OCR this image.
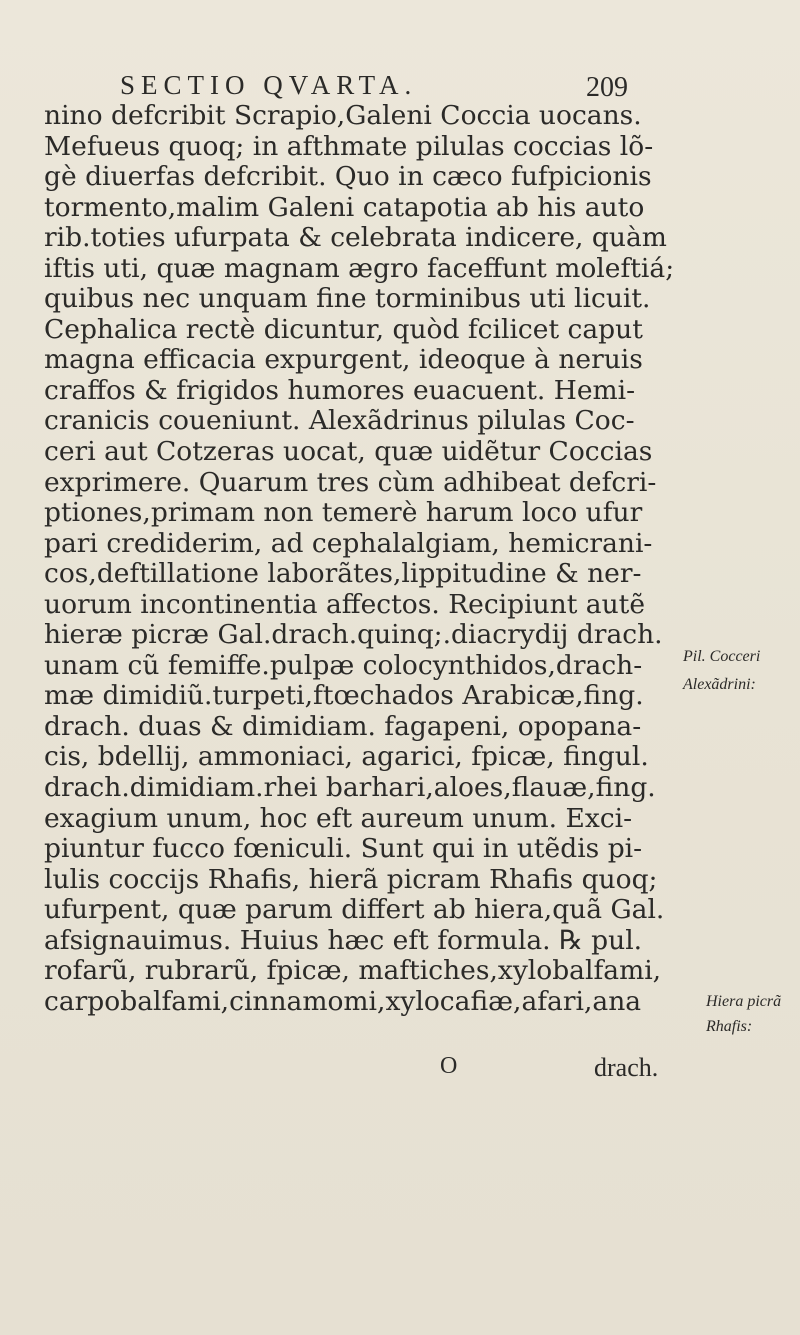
SECTIO QVARTA.	209
nino defcribit Scrapio,Galeni Coccia uocans.
Mefueus quoq; in afthmate pilulas coccias lõ-
gè diuerfas defcribit. Quo in cæco fufpicionis
tormento,malim Galeni catapotia ab his auto
rib.toties ufurpata & celebrata indicere, quàm
iftis uti, quæ magnam ægro faceffunt moleftiá;
quibus nec unquam fine torminibus uti licuit.
Cephalica rectè dicuntur, quòd fcilicet caput
magna efficacia expurgent, ideoque à neruis
craffos & frigidos humores euacuent. Hemi-
cranicis coueniunt. Alexãdrinus pilulas Coc-
ceri aut Cotzeras uocat, quæ uidẽtur Coccias
exprimere. Quarum tres cùm adhibeat defcri-
ptiones,primam non temerè harum loco ufur
pari crediderim, ad cephalalgiam, hemicrani-
cos,deftillatione laborãtes,lippitudine & ner-
uorum incontinentia affectos. Recipiunt autẽ
hieræ picræ Gal.drach.quinq;.diacrydij drach.
unam cũ femiffe.pulpæ colocynthidos,drach-
mæ dimidiũ.turpeti,ftœchados Arabicæ,fing.
drach. duas & dimidiam. fagapeni, opopana-
cis, bdellij, ammoniaci, agarici, fpicæ, fingul.
drach.dimidiam.rhei barhari,aloes,flauæ,fing.
exagium unum, hoc eft aureum unum. Exci-
piuntur fucco fœniculi. Sunt qui in utẽdis pi-
lulis coccijs Rhafis, hierã picram Rhafis quoq;
ufurpent, quæ parum differt ab hiera,quã Gal.
afsignauimus. Huius hæc eft formula. ℞ pul.
rofarũ, rubrarũ, fpicæ, maftiches,xylobalfami,
carpobalfami,cinnamomi,xylocafiæ,afari,ana
Pil. Cocceri
Alexãdrini:
Hiera picrã
Rhafis:
O	drach.
